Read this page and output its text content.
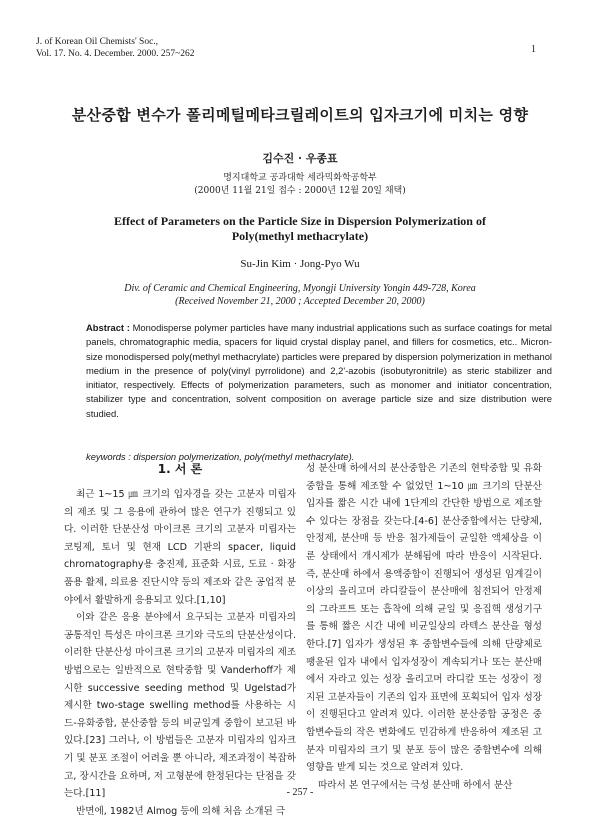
J. of Korean Oil Chemists' Soc.,
Vol. 17. No. 4. December. 2000. 257~262	1
분산중합 변수가 폴리메틸메타크릴레이트의 입자크기에 미치는 영향
김수진 · 우종표
명지대학교 공과대학 세라믹화학공학부
(2000년 11월 21일 접수 : 2000년 12월 20일 채택)
Effect of Parameters on the Particle Size in Dispersion Polymerization of
Poly(methyl methacrylate)
Su-Jin Kim · Jong-Pyo Wu
Div. of Ceramic and Chemical Engineering, Myongji University Yongin 449-728, Korea
(Received November 21, 2000 ; Accepted December 20, 2000)
Abstract : Monodisperse polymer particles have many industrial applications such as surface coatings for metal panels, chromatographic media, spacers for liquid crystal display panel, and fillers for cosmetics, etc.. Micron-size monodispersed poly(methyl methacrylate) particles were prepared by dispersion polymerization in methanol medium in the presence of poly(vinyl pyrrolidone) and 2,2'-azobis (isobutyronitrile) as steric stabilizer and initiator, respectively. Effects of polymerization parameters, such as monomer and initiator concentration, stabilizer type and concentration, solvent composition on average particle size and size distribution were studied.
keywords : dispersion polymerization, poly(methyl methacrylate).
1. 서 론

최근 1~15 ㎛ 크기의 입자경을 갖는 고분자 미립자의 제조 및 그 응용에 관하여 많은 연구가 진행되고 있다. 이러한 단분산성 마이크론 크기의 고분자 미립자는 코팅제, 토너 및 현재 LCD 기판의 spacer, liquid chromatography용 충진제, 표준화 시료, 도료 · 화장품용 활제, 의료용 진단시약 등의 제조와 같은 공업적 분야에서 활발하게 응용되고 있다.[1,10]

이와 같은 응용 분야에서 요구되는 고분자 미립자의 공통적인 특성은 마이크론 크기와 극도의 단분산성이다. 이러한 단분산성 마이크론 크기의 고분자 미립자의 제조 방법으로는 일반적으로 현탁중합 및 Vanderhoff가 제시한 successive seeding method 및 Ugelstad가 제시한 two-stage swelling method를 사용하는 시드-유화중합, 분산중합 등의 비균일계 중합이 보고된 바 있다.[23] 그러나, 이 방법들은 고분자 미립자의 입자크기 및 분포 조절이 어려울 뿐 아니라, 제조과정이 복잡하고, 장시간을 요하며, 저 고형분에 한정된다는 단점을 갖는다.[11]

반면에, 1982년 Almog 등에 의해 처음 소개된 극

성 분산매 하에서의 분산중합은 기존의 현탁중합 및 유화중합을 통해 제조할 수 없었던 1~10 ㎛ 크기의 단분산 입자를 짧은 시간 내에 1단계의 간단한 방법으로 제조할 수 있다는 장점을 갖는다.[4-6] 분산중합에서는 단량체, 안정제, 분산매 등 반응 첨가제들이 균일한 액체상을 이룬 상태에서 개시제가 분해됨에 따라 반응이 시작된다. 즉, 분산매 하에서 용액중합이 진행되어 생성된 임계길이 이상의 올리고머 라디칼들이 분산매에 침전되어 안정제의 그라프트 또는 흡착에 의해 균일 및 응집핵 생성기구를 통해 짧은 시간 내에 비균일상의 라텍스 분산을 형성한다.[7] 입자가 생성된 후 중합변수들에 의해 단량체로 팽윤된 입자 내에서 입자성장이 계속되거나 또는 분산매에서 자라고 있는 성장 올리고머 라디칼 또는 성장이 정지된 고분자들이 기존의 입자 표면에 포획되어 입자 성장이 진행된다고 알려져 있다. 이러한 분산중합 공정은 중합변수들의 작은 변화에도 민감하게 반응하여 제조된 고분자 미립자의 크기 및 분포 등이 많은 중합변수에 의해 영향을 받게 되는 것으로 알려져 있다.

따라서 본 연구에서는 극성 분산매 하에서 분산

- 257 -
